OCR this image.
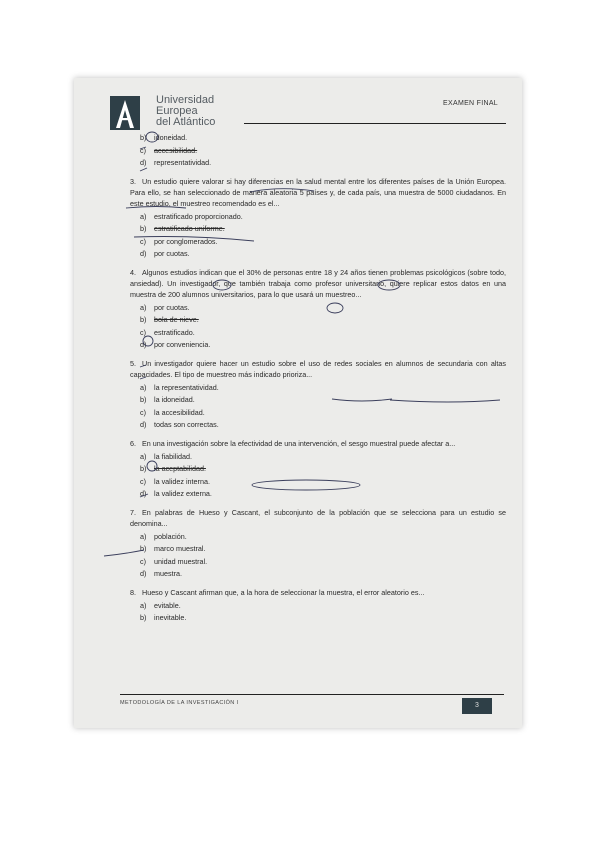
Universidad
Europea
del Atlántico
EXAMEN FINAL
b) idoneidad.
c) accesibilidad.
d) representatividad.
3. Un estudio quiere valorar si hay diferencias en la salud mental entre los diferentes países de la Unión Europea. Para ello, se han seleccionado de manera aleatoria 5 países y, de cada país, una muestra de 5000 ciudadanos. En este estudio, el muestreo recomendado es el...
a) estratificado proporcionado.
b) estratificado uniforme.
c) por conglomerados.
d) por cuotas.
4. Algunos estudios indican que el 30% de personas entre 18 y 24 años tienen problemas psicológicos (sobre todo, ansiedad). Un investigador, que también trabaja como profesor universitario, quiere replicar estos datos en una muestra de 200 alumnos universitarios, para lo que usará un muestreo...
a) por cuotas.
b) bola de nieve.
c) estratificado.
d) por conveniencia.
5. Un investigador quiere hacer un estudio sobre el uso de redes sociales en alumnos de secundaria con altas capacidades. El tipo de muestreo más indicado prioriza...
a) la representatividad.
b) la idoneidad.
c) la accesibilidad.
d) todas son correctas.
6. En una investigación sobre la efectividad de una intervención, el sesgo muestral puede afectar a...
a) la fiabilidad.
b) la aceptabilidad.
c) la validez interna.
d) la validez externa.
7. En palabras de Hueso y Cascant, el subconjunto de la población que se selecciona para un estudio se denomina...
a) población.
b) marco muestral.
c) unidad muestral.
d) muestra.
8. Hueso y Cascant afirman que, a la hora de seleccionar la muestra, el error aleatorio es...
a) evitable.
b) inevitable.
METODOLOGÍA DE LA INVESTIGACIÓN I	3
